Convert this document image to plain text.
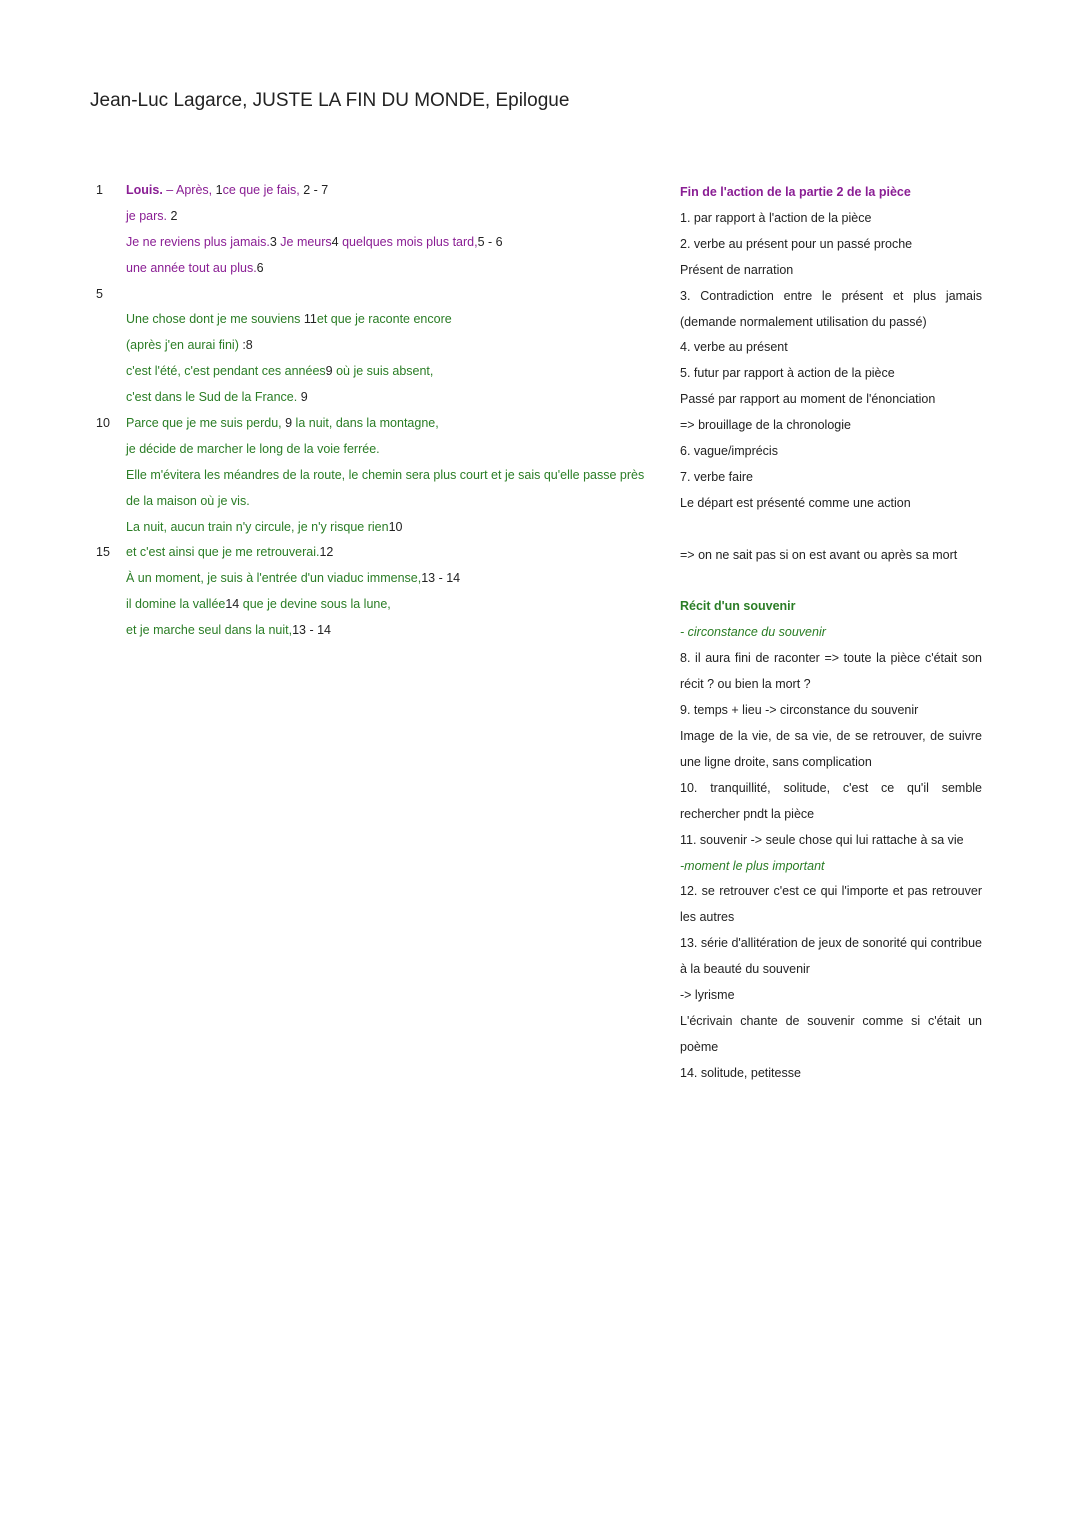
Jean-Luc Lagarce, JUSTE LA FIN DU MONDE, Epilogue
1	Louis. – Après, 1ce que je fais, 2 - 7
je pars. 2
Je ne reviens plus jamais.3 Je meurs4 quelques mois plus tard,5 - 6
une année tout au plus.6
5
Une chose dont je me souviens 11et que je raconte encore
(après j'en aurai fini) :8
c'est l'été, c'est pendant ces années9 où je suis absent,
c'est dans le Sud de la France. 9
10	Parce que je me suis perdu, 9 la nuit, dans la montagne,
je décide de marcher le long de la voie ferrée.
Elle m'évitera les méandres de la route, le chemin sera plus court et je sais qu'elle passe près
de la maison où je vis.
La nuit, aucun train n'y circule, je n'y risque rien10
15	et c'est ainsi que je me retrouverai.12
À un moment, je suis à l'entrée d'un viaduc immense,13 - 14
il domine la vallée14 que je devine sous la lune,
et je marche seul dans la nuit,13 - 14
Fin de l'action de la partie 2 de la pièce
1. par rapport à l'action de la pièce
2. verbe au présent pour un passé proche
Présent de narration
3. Contradiction entre le présent et plus jamais (demande normalement utilisation du passé)
4. verbe au présent
5. futur par rapport à action de la pièce
Passé par rapport au moment de l'énonciation
=> brouillage de la chronologie
6. vague/imprécis
7. verbe faire
Le départ est présenté comme une action
=> on ne sait pas si on est avant ou après sa mort
Récit d'un souvenir
- circonstance du souvenir
8. il aura fini de raconter => toute la pièce c'était son récit ? ou bien la mort ?
9. temps + lieu -> circonstance du souvenir
Image de la vie, de sa vie, de se retrouver, de suivre une ligne droite, sans complication
10. tranquillité, solitude, c'est ce qu'il semble rechercher pndt la pièce
11. souvenir -> seule chose qui lui rattache à sa vie
-moment le plus important
12. se retrouver c'est ce qui l'importe et pas retrouver les autres
13. série d'allitération de jeux de sonorité qui contribue à la beauté du souvenir
-> lyrisme
L'écrivain chante de souvenir comme si c'était un poème
14. solitude, petitesse
